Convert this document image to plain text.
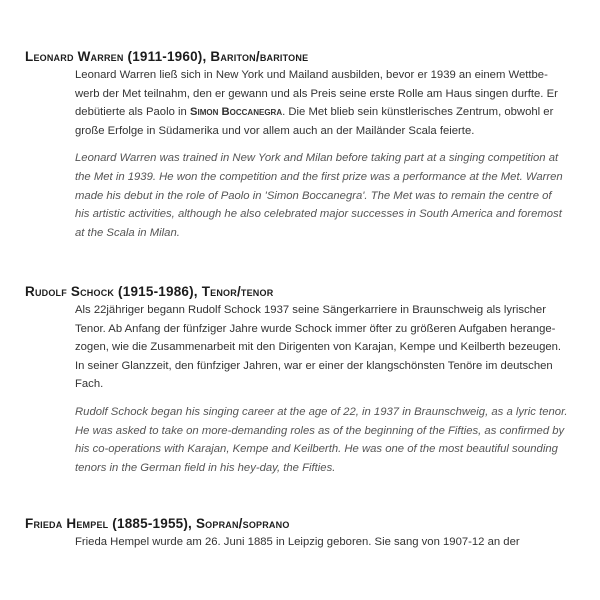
Leonard Warren (1911-1960), Bariton/baritone
Leonard Warren ließ sich in New York und Mailand ausbilden, bevor er 1939 an einem Wettbe-
werb der Met teilnahm, den er gewann und als Preis seine erste Rolle am Haus singen durfte. Er
debütierte als Paolo in Simon Boccanegra. Die Met blieb sein künstlerisches Zentrum, obwohl er
große Erfolge in Südamerika und vor allem auch an der Mailänder Scala feierte.
Leonard Warren was trained in New York and Milan before taking part at a singing competition at
the Met in 1939. He won the competition and the first prize was a performance at the Met. Warren
made his debut in the role of Paolo in 'Simon Boccanegra'. The Met was to remain the centre of
his artistic activities, although he also celebrated major successes in South America and foremost
at the Scala in Milan.
Rudolf Schock (1915-1986), Tenor/tenor
Als 22jähriger begann Rudolf Schock 1937 seine Sängerkarriere in Braunschweig als lyrischer
Tenor. Ab Anfang der fünfziger Jahre wurde Schock immer öfter zu größeren Aufgaben herange-
zogen, wie die Zusammenarbeit mit den Dirigenten von Karajan, Kempe und Keilberth bezeugen.
In seiner Glanzzeit, den fünfziger Jahren, war er einer der klangschönsten Tenöre im deutschen
Fach.
Rudolf Schock began his singing career at the age of 22, in 1937 in Braunschweig, as a lyric tenor.
He was asked to take on more-demanding roles as of the beginning of the Fifties, as confirmed by
his co-operations with Karajan, Kempe and Keilberth. He was one of the most beautiful sounding
tenors in the German field in his hey-day, the Fifties.
Frieda Hempel (1885-1955), Sopran/soprano
Frieda Hempel wurde am 26. Juni 1885 in Leipzig geboren. Sie sang von 1907-12 an der
